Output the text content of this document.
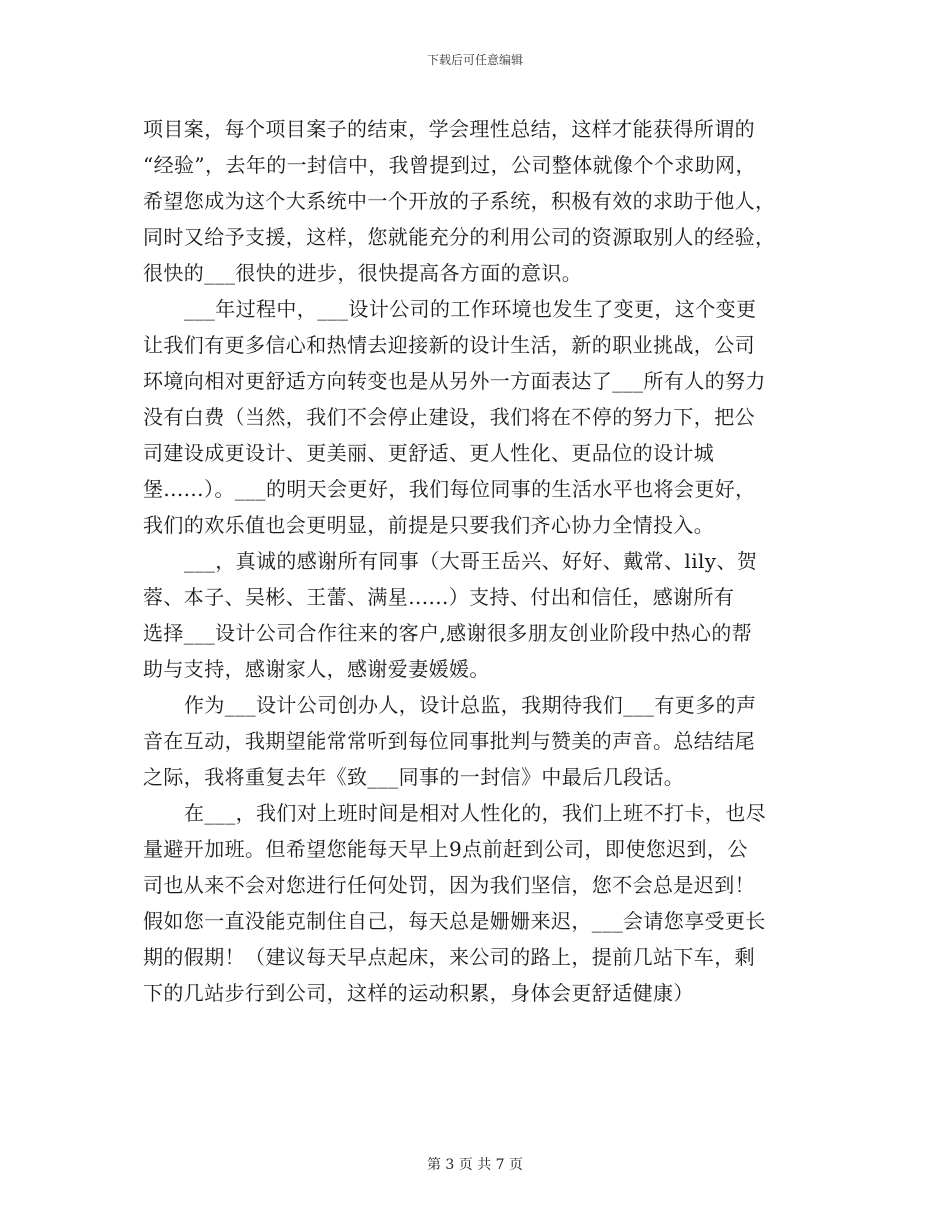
下载后可任意编辑
项目案，每个项目案子的结束，学会理性总结，这样才能获得所谓的
“经验”，去年的一封信中，我曾提到过，公司整体就像个个求助网，
希望您成为这个大系统中一个开放的子系统，积极有效的求助于他人，
同时又给予支援，这样，您就能充分的利用公司的资源取别人的经验，
很快的___很快的进步，很快提高各方面的意识。
___年过程中，___设计公司的工作环境也发生了变更，这个变更
让我们有更多信心和热情去迎接新的设计生活，新的职业挑战，公司
环境向相对更舒适方向转变也是从另外一方面表达了___所有人的努力
没有白费（当然，我们不会停止建设，我们将在不停的努力下，把公
司建设成更设计、更美丽、更舒适、更人性化、更品位的设计城
堡......）。___的明天会更好，我们每位同事的生活水平也将会更好，
我们的欢乐值也会更明显，前提是只要我们齐心协力全情投入。
___，真诚的感谢所有同事（大哥王岳兴、好好、戴常、lily、贺
蓉、本子、吴彬、王蕾、满星......）支持、付出和信任，感谢所有
选择___设计公司合作往来的客户,感谢很多朋友创业阶段中热心的帮
助与支持，感谢家人，感谢爱妻媛媛。
作为___设计公司创办人，设计总监，我期待我们___有更多的声
音在互动，我期望能常常听到每位同事批判与赞美的声音。总结结尾
之际，我将重复去年《致___同事的一封信》中最后几段话。
在___，我们对上班时间是相对人性化的，我们上班不打卡，也尽
量避开加班。但希望您能每天早上9点前赶到公司，即使您迟到，公
司也从来不会对您进行任何处罚，因为我们坚信，您不会总是迟到！
假如您一直没能克制住自己，每天总是姗姗来迟，___会请您享受更长
期的假期！（建议每天早点起床，来公司的路上，提前几站下车，剩
下的几站步行到公司，这样的运动积累，身体会更舒适健康）
第 3 页 共 7 页
